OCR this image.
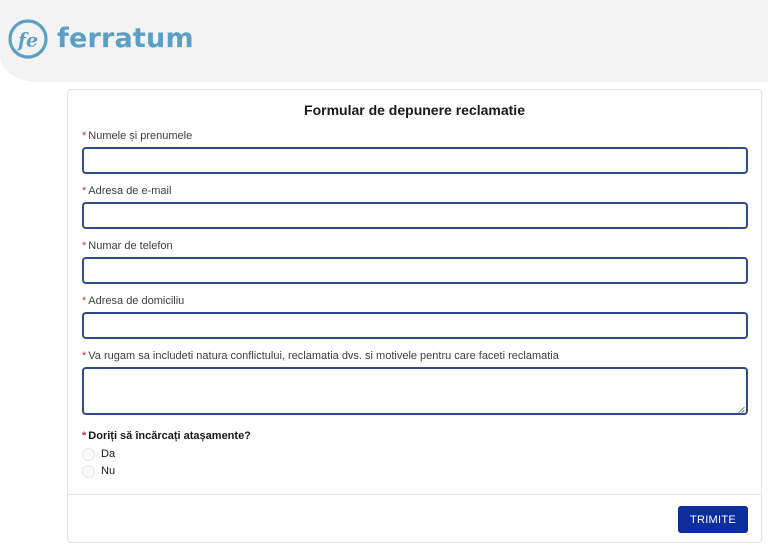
fe ferratum
Formular de depunere reclamatie
* Numele și prenumele
* Adresa de e-mail
* Numar de telefon
* Adresa de domiciliu
* Va rugam sa includeti natura conflictului, reclamatia dvs. si motivele pentru care faceti reclamatia
* Doriți să încărcați atașamente?
Da
Nu
TRIMITE
